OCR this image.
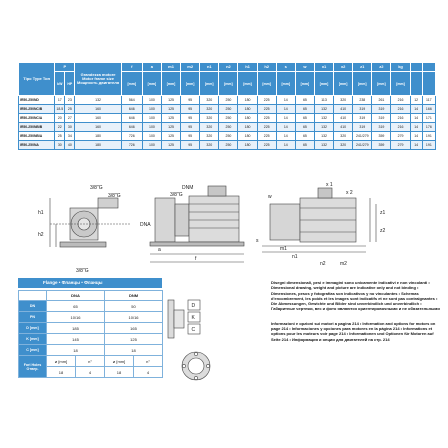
Tipo Type Тип	P		Grandezza motore Motor frame size Мощность двигателя	f	a	m1	m2	n1	n2	h1	h2	s	w	x1	x2	z1	z2	kg		
	kW	HP		[mm]	[mm]	[mm]	[mm]	[mm]	[mm]	[mm]	[mm]	[mm]	[mm]	[mm]	[mm]	[mm]	[mm]	[mm]		
IR50-250ND	17	23	132	564	100	125	95	320	250	180	225	14	65	113	320	238	261	216	12	117
IR50-250NC/B	18.5	25	160	646	100	125	95	320	250	180	225	14	65	132	410	319	319	216	14	166
IR50-250NC/A	20	27	160	646	100	125	95	320	250	180	225	14	65	132	410	319	319	216	14	171
IR50-250NB/B	22	30	160	646	100	125	95	320	250	180	225	14	65	132	410	319	319	216	14	176
IR50-250NB/A	25	34	180	726	100	125	95	320	250	180	225	14	65	132	320	241/279	359	279	14	191
IR50-250NA	30	40	180	726	100	125	95	320	250	180	225	14	65	132	320	241/279	359	279	14	191
3/8"G
3/8"G
3/8"G
DNM
3/8"G
DNA
h1
h2
f
a
n1
n2
m1
m2
x 1
x 2
z1
z2
w
s
D
K
C
Flange • Фланцы • Фланцы
	DNA		DNM	
DN	65		50	
PN	10/16		10/16	
D [mm]	185		165	
K [mm]	145		125	
C [mm]	18		18	
Fori Holes Отвер.	ø [mm]	n°	ø [mm]	n°
	18	4	18	4

Disegni dimensionali, pesi e immagini sono unicamente indicativi e non vincolanti • Dimensional drawing, weight and picture are indicative only and not binding • Dimensiones, pesos y fotografías son indicativos y no vinculantes • Schemas d'encombrement, les poids et les images sont indicatifs et ne sont pas contraignantes • Die Abmessungen, Gewichte und Bilder sind unverbindlich und unverbindlich • Габаритные чертежи, вес и фото являются ориентировочными и не обязательными

Informazioni e opzioni sui motori a pagina 214 • Information and options for motors on page 214 • Informaciones y opciones para motores en la página 214 • Informations et options pour les moteurs voir page 214 • Informationen und Optionen für Motoren auf Seite 214 • Информация и опции для двигателей на стр. 214
